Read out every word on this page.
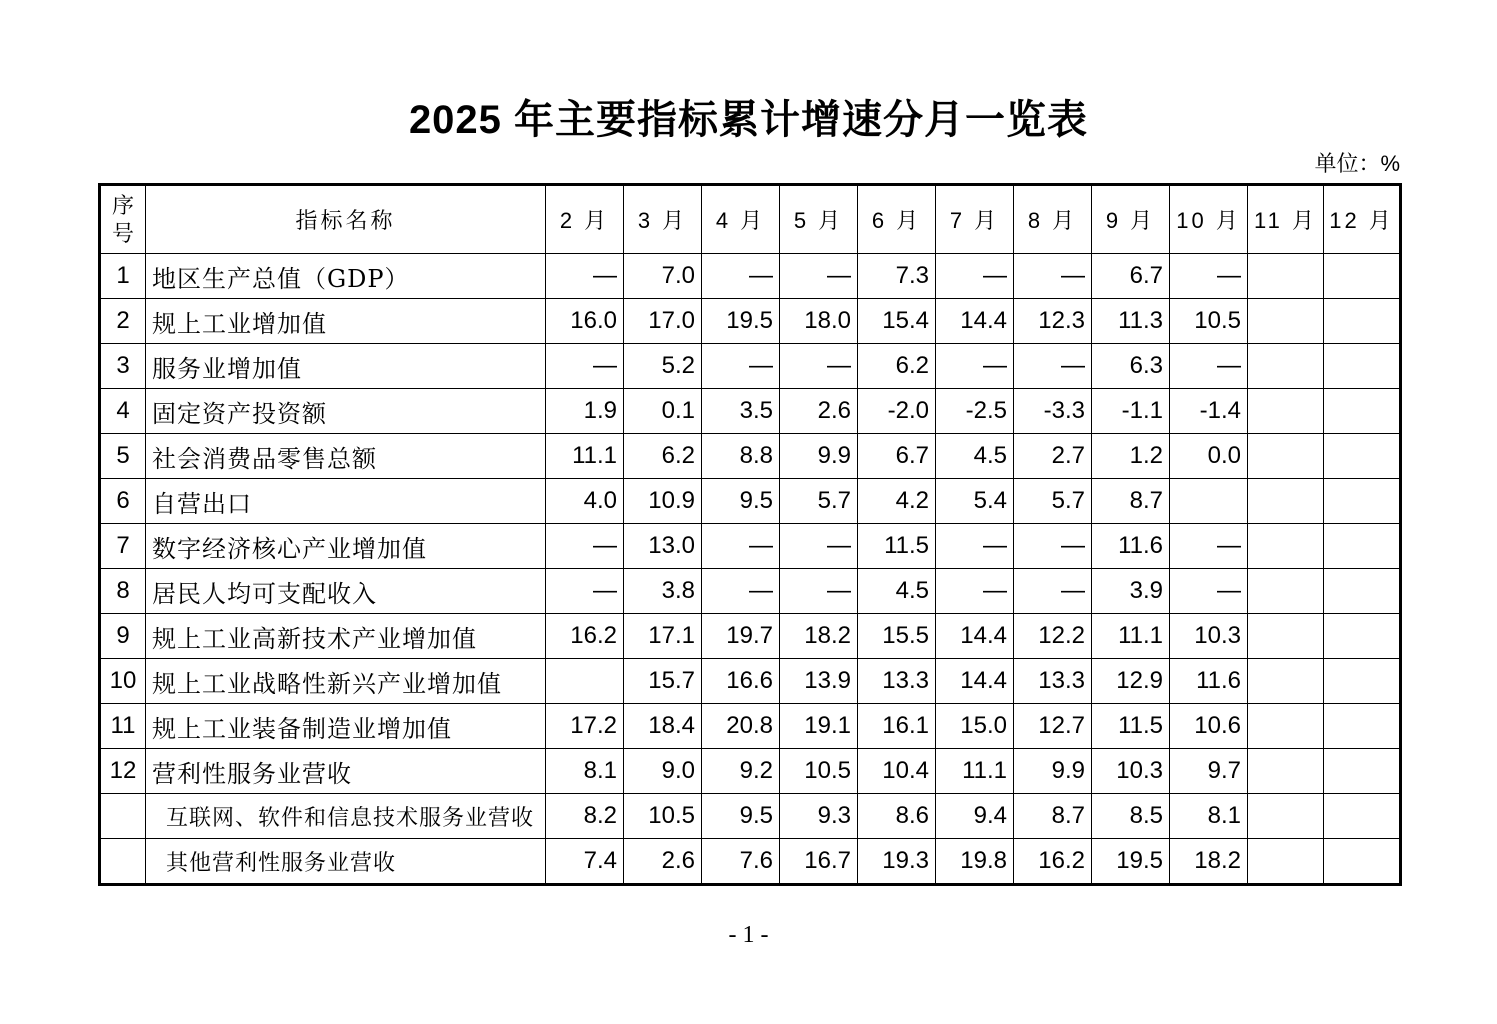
2025 年主要指标累计增速分月一览表
单位：%
序
号	指标名称	2 月	3 月	4 月	5 月	6 月	7 月	8 月	9 月	10 月	11 月	12 月
1	地区生产总值（GDP）	—	7.0	—	—	7.3	—	—	6.7	—		
2	规上工业增加值	16.0	17.0	19.5	18.0	15.4	14.4	12.3	11.3	10.5		
3	服务业增加值	—	5.2	—	—	6.2	—	—	6.3	—		
4	固定资产投资额	1.9	0.1	3.5	2.6	-2.0	-2.5	-3.3	-1.1	-1.4		
5	社会消费品零售总额	11.1	6.2	8.8	9.9	6.7	4.5	2.7	1.2	0.0		
6	自营出口	4.0	10.9	9.5	5.7	4.2	5.4	5.7	8.7			
7	数字经济核心产业增加值	—	13.0	—	—	11.5	—	—	11.6	—		
8	居民人均可支配收入	—	3.8	—	—	4.5	—	—	3.9	—		
9	规上工业高新技术产业增加值	16.2	17.1	19.7	18.2	15.5	14.4	12.2	11.1	10.3		
10	规上工业战略性新兴产业增加值		15.7	16.6	13.9	13.3	14.4	13.3	12.9	11.6		
11	规上工业装备制造业增加值	17.2	18.4	20.8	19.1	16.1	15.0	12.7	11.5	10.6		
12	营利性服务业营收	8.1	9.0	9.2	10.5	10.4	11.1	9.9	10.3	9.7		
	互联网、软件和信息技术服务业营收	8.2	10.5	9.5	9.3	8.6	9.4	8.7	8.5	8.1		
	其他营利性服务业营收	7.4	2.6	7.6	16.7	19.3	19.8	16.2	19.5	18.2		
- 1 -
